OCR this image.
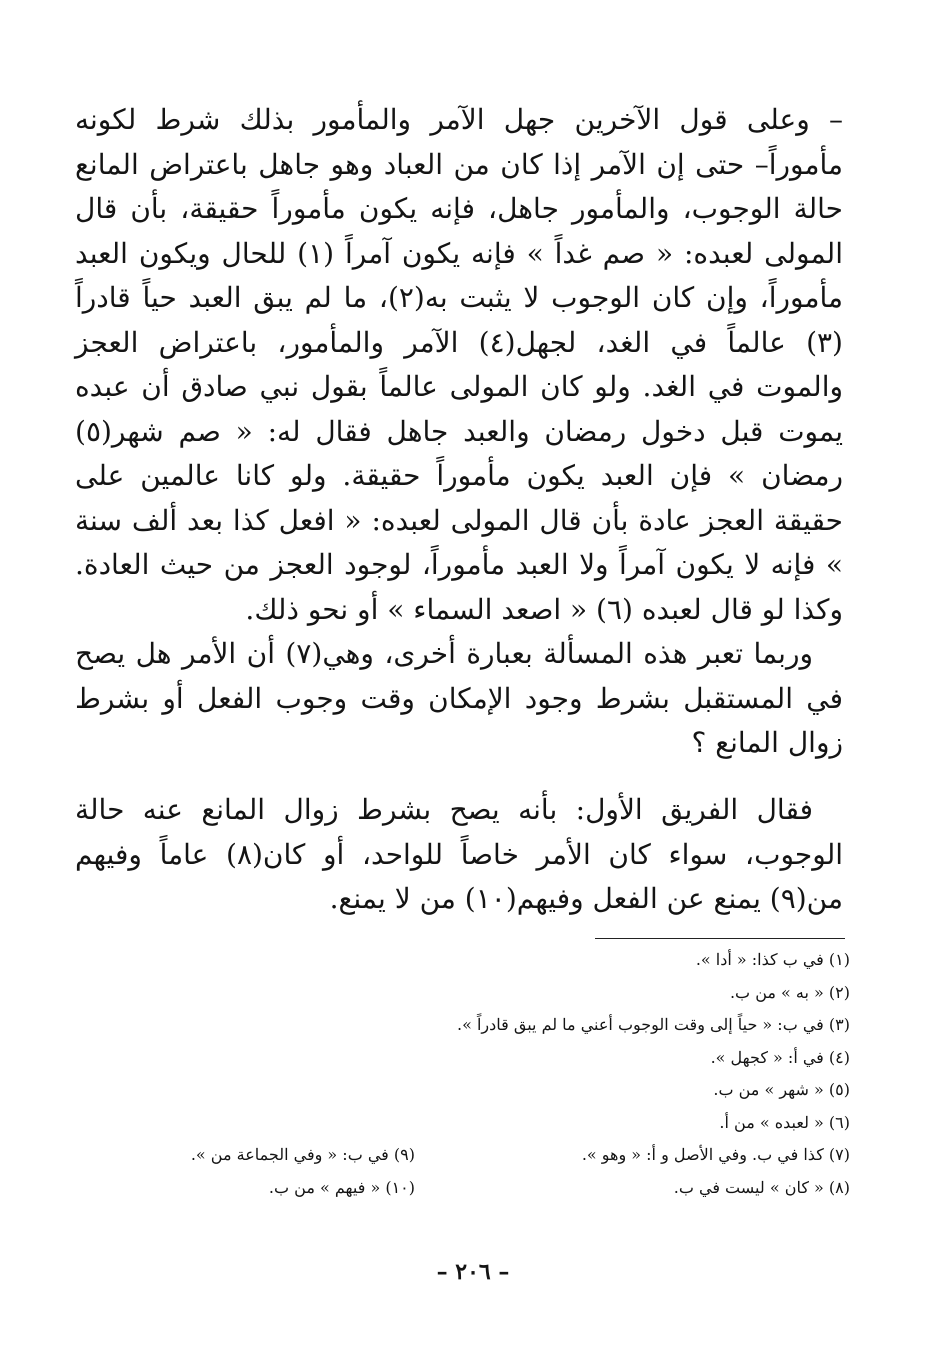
– وعلى قول الآخرين جهل الآمر والمأمور بذلك شرط لكونه مأموراً– حتى إن الآمر إذا كان من العباد وهو جاهل باعتراض المانع حالة الوجوب، والمأمور جاهل، فإنه يكون مأموراً حقيقة، بأن قال المولى لعبده: « صم غداً » فإنه يكون آمراً (١) للحال ويكون العبد مأموراً، وإن كان الوجوب لا يثبت به(٢)، ما لم يبق العبد حياً قادراً (٣) عالماً في الغد، لجهل(٤) الآمر والمأمور، باعتراض العجز والموت في الغد. ولو كان المولى عالماً بقول نبي صادق أن عبده يموت قبل دخول رمضان والعبد جاهل فقال له: « صم شهر(٥) رمضان » فإن العبد يكون مأموراً حقيقة. ولو كانا عالمين على حقيقة العجز عادة بأن قال المولى لعبده: « افعل كذا بعد ألف سنة » فإنه لا يكون آمراً ولا العبد مأموراً، لوجود العجز من حيث العادة. وكذا لو قال لعبده (٦) « اصعد السماء » أو نحو ذلك.

وربما تعبر هذه المسألة بعبارة أخرى، وهي(٧) أن الأمر هل يصح في المستقبل بشرط وجود الإمكان وقت وجوب الفعل أو بشرط زوال المانع ؟

فقال الفريق الأول: بأنه يصح بشرط زوال المانع عنه حالة الوجوب، سواء كان الأمر خاصاً للواحد، أو كان(٨) عاماً وفيهم من(٩) يمنع عن الفعل وفيهم(١٠) من لا يمنع.

(١) في ب كذا: « أدا ».
(٢) « به » من ب.
(٣) في ب: « حياً إلى وقت الوجوب أعني ما لم يبق قادراً ».
(٤) في أ: « كجهل ».
(٥) « شهر » من ب.
(٦) « لعبده » من أ.
(٧) كذا في ب. وفي الأصل و أ: « وهو ».
(٨) « كان » ليست في ب.
(٩) في ب: « وفي الجماعة من ».
(١٠) « فيهم » من ب.
– ٢٠٦ –
